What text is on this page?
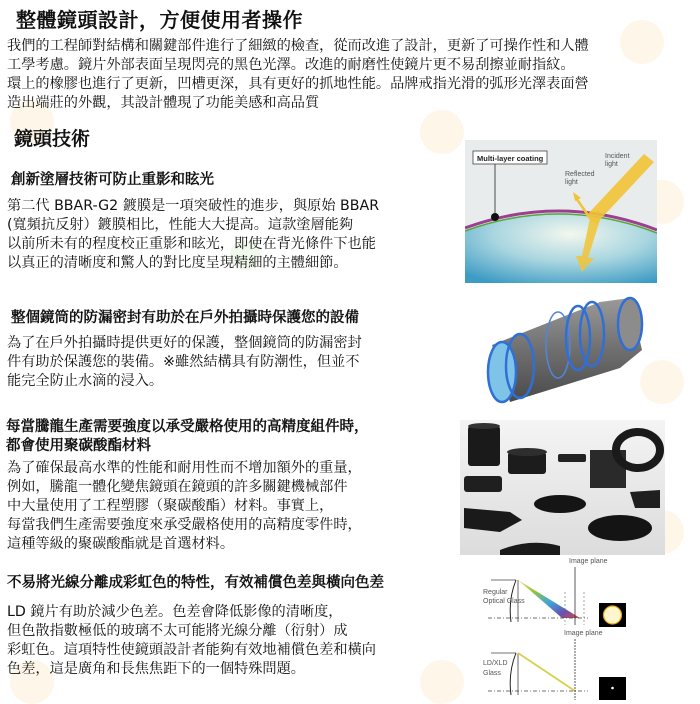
整體鏡頭設計，方便使用者操作
我們的工程師對結構和關鍵部件進行了細緻的檢查，從而改進了設計，更新了可操作性和人體
工學考慮。鏡片外部表面呈現閃亮的黑色光澤。改進的耐磨性使鏡片更不易刮擦並耐指紋。
環上的橡膠也進行了更新，凹槽更深，具有更好的抓地性能。品牌戒指光滑的弧形光澤表面營
造出端莊的外觀，其設計體現了功能美感和高品質
鏡頭技術
創新塗層技術可防止重影和眩光
第二代 BBAR-G2 鍍膜是一項突破性的進步，與原始 BBAR
(寬頻抗反射）鍍膜相比，性能大大提高。這款塗層能夠
以前所未有的程度校正重影和眩光，即使在背光條件下也能
以真正的清晰度和驚人的對比度呈現精細的主體細節。
Multi-layer coating	Incident
light
Reflected
light
整個鏡筒的防漏密封有助於在戶外拍攝時保護您的設備
為了在戶外拍攝時提供更好的保護，整個鏡筒的防漏密封
件有助於保護您的裝備。※雖然結構具有防潮性，但並不
能完全防止水滴的浸入。
每當騰龍生產需要強度以承受嚴格使用的高精度組件時，
都會使用聚碳酸酯材料
為了確保最高水準的性能和耐用性而不增加額外的重量，
例如，騰龍一體化變焦鏡頭在鏡頭的許多關鍵機械部件
中大量使用了工程塑膠（聚碳酸酯）材料。事實上，
每當我們生產需要強度來承受嚴格使用的高精度零件時，
這種等級的聚碳酸酯就是首選材料。
不易將光線分離成彩虹色的特性，有效補償色差與橫向色差
LD 鏡片有助於減少色差。色差會降低影像的清晰度，
但色散指數極低的玻璃不太可能將光線分離（衍射）成
彩虹色。這項特性使鏡頭設計者能夠有效地補償色差和橫向
色差，這是廣角和長焦焦距下的一個特殊問題。
Image plane
Regular
Optical Glass
Image plane
LD/XLD
Glass
